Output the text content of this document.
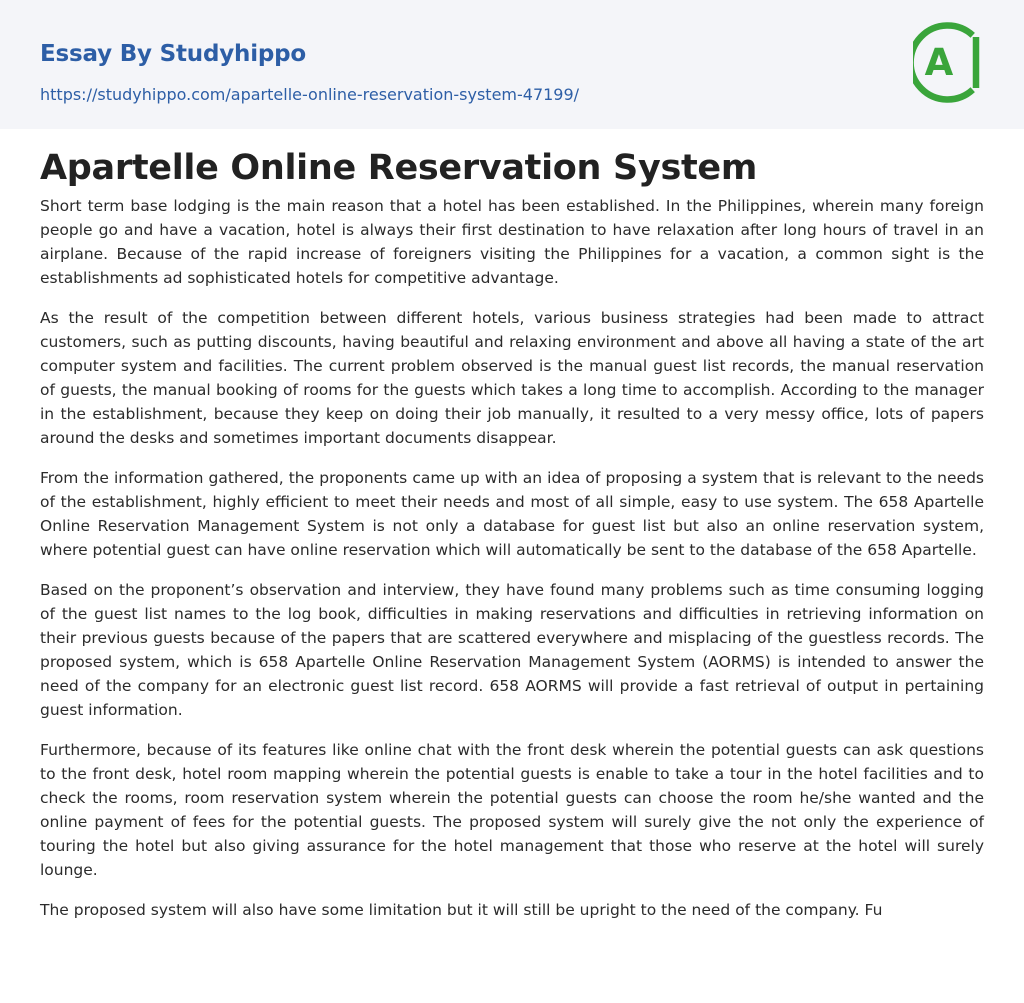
Essay By Studyhippo
https://studyhippo.com/apartelle-online-reservation-system-47199/
A
Apartelle Online Reservation System

Short term base lodging is the main reason that a hotel has been established. In the Philippines, wherein many foreign people go and have a vacation, hotel is always their first destination to have relaxation after long hours of travel in an airplane. Because of the rapid increase of foreigners visiting the Philippines for a vacation, a common sight is the establishments ad sophisticated hotels for competitive advantage.

As the result of the competition between different hotels, various business strategies had been made to attract customers, such as putting discounts, having beautiful and relaxing environment and above all having a state of the art computer system and facilities. The current problem observed is the manual guest list records, the manual reservation of guests, the manual booking of rooms for the guests which takes a long time to accomplish. According to the manager in the establishment, because they keep on doing their job manually, it resulted to a very messy office, lots of papers around the desks and sometimes important documents disappear.

From the information gathered, the proponents came up with an idea of proposing a system that is relevant to the needs of the establishment, highly efficient to meet their needs and most of all simple, easy to use system. The 658 Apartelle Online Reservation Management System is not only a database for guest list but also an online reservation system, where potential guest can have online reservation which will automatically be sent to the database of the 658 Apartelle.

Based on the proponent’s observation and interview, they have found many problems such as time consuming logging of the guest list names to the log book, difficulties in making reservations and difficulties in retrieving information on their previous guests because of the papers that are scattered everywhere and misplacing of the guestless records. The proposed system, which is 658 Apartelle Online Reservation Management System (AORMS) is intended to answer the need of the company for an electronic guest list record. 658 AORMS will provide a fast retrieval of output in pertaining guest information.

Furthermore, because of its features like online chat with the front desk wherein the potential guests can ask questions to the front desk, hotel room mapping wherein the potential guests is enable to take a tour in the hotel facilities and to check the rooms, room reservation system wherein the potential guests can choose the room he/she wanted and the online payment of fees for the potential guests. The proposed system will surely give the not only the experience of touring the hotel but also giving assurance for the hotel management that those who reserve at the hotel will surely lounge.

The proposed system will also have some limitation but it will still be upright to the need of the company. Fu
